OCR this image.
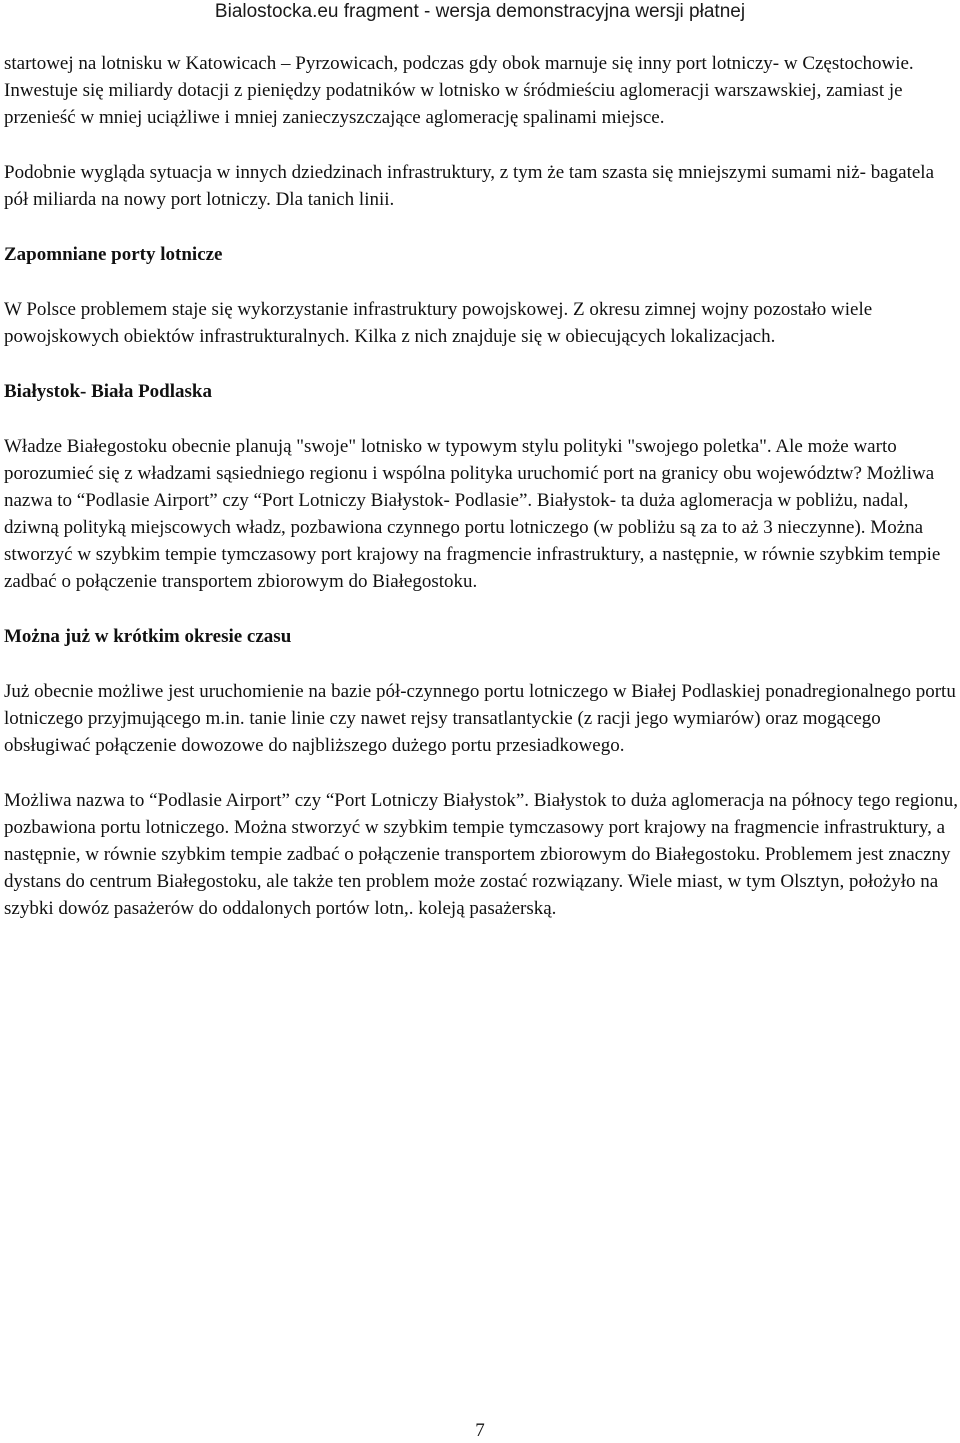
Bialostocka.eu fragment - wersja demonstracyjna wersji płatnej

startowej na lotnisku w Katowicach – Pyrzowicach, podczas gdy obok marnuje się inny port lotniczy- w Częstochowie. Inwestuje się miliardy dotacji z pieniędzy podatników w lotnisko w śródmieściu aglomeracji warszawskiej, zamiast je przenieść w mniej uciążliwe i mniej zanieczyszczające aglomerację spalinami miejsce.

Podobnie wygląda sytuacja w innych dziedzinach infrastruktury, z tym że tam szasta się mniejszymi sumami niż- bagatela pół miliarda na nowy port lotniczy. Dla tanich linii.

Zapomniane porty lotnicze

W Polsce problemem staje się wykorzystanie infrastruktury powojskowej. Z okresu zimnej wojny pozostało wiele powojskowych obiektów infrastrukturalnych. Kilka z nich znajduje się w obiecujących lokalizacjach.

Białystok- Biała Podlaska

Władze Białegostoku obecnie planują "swoje" lotnisko w typowym stylu polityki "swojego poletka". Ale może warto porozumieć się z władzami sąsiedniego regionu i wspólna polityka uruchomić port na granicy obu województw? Możliwa nazwa to “Podlasie Airport” czy “Port Lotniczy Białystok- Podlasie”. Białystok- ta duża aglomeracja w pobliżu, nadal, dziwną polityką miejscowych władz, pozbawiona czynnego portu lotniczego (w pobliżu są za to aż 3 nieczynne). Można stworzyć w szybkim tempie tymczasowy port krajowy na fragmencie infrastruktury, a następnie, w równie szybkim tempie zadbać o połączenie transportem zbiorowym do Białegostoku.

Można już w krótkim okresie czasu

Już obecnie możliwe jest uruchomienie na bazie pół-czynnego portu lotniczego w Białej Podlaskiej ponadregionalnego portu lotniczego przyjmującego m.in. tanie linie czy nawet rejsy transatlantyckie (z racji jego wymiarów) oraz mogącego obsługiwać połączenie dowozowe do najbliższego dużego portu przesiadkowego.

Możliwa nazwa to “Podlasie Airport” czy “Port Lotniczy Białystok”. Białystok to duża aglomeracja na północy tego regionu, pozbawiona portu lotniczego. Można stworzyć w szybkim tempie tymczasowy port krajowy na fragmencie infrastruktury, a następnie, w równie szybkim tempie zadbać o połączenie transportem zbiorowym do Białegostoku. Problemem jest znaczny dystans do centrum Białegostoku, ale także ten problem może zostać rozwiązany. Wiele miast, w tym Olsztyn, położyło na szybki dowóz pasażerów do oddalonych portów lotn,. koleją pasażerską.

7
